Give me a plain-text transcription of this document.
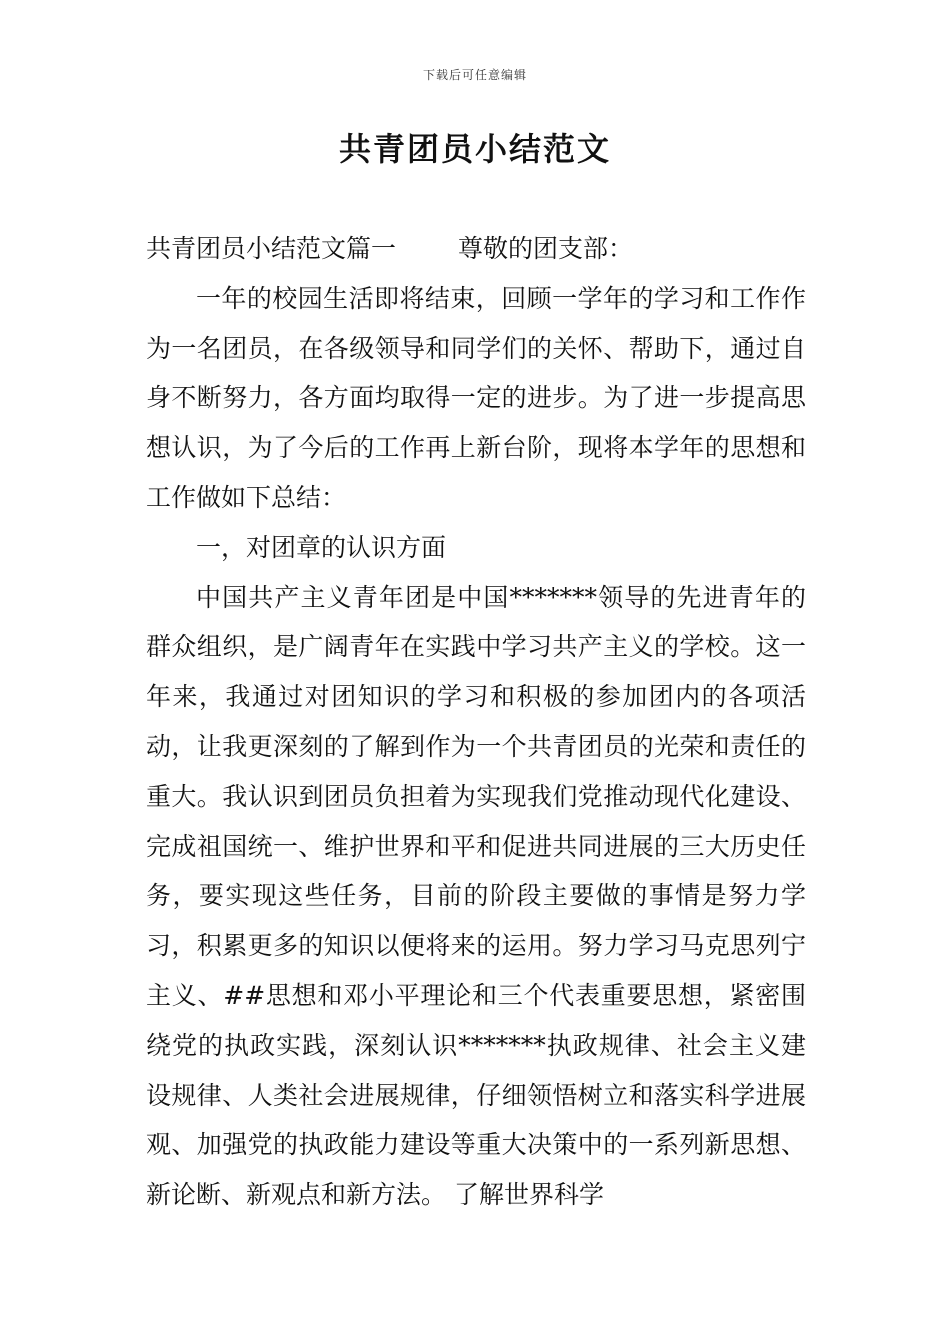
下载后可任意编辑
共青团员小结范文

共青团员小结范文篇一 尊敬的团支部：

一年的校园生活即将结束，回顾一学年的学习和工作作为一名团员，在各级领导和同学们的关怀、帮助下，通过自身不断努力，各方面均取得一定的进步。为了进一步提高思想认识，为了今后的工作再上新台阶，现将本学年的思想和工作做如下总结：

一，对团章的认识方面

中国共产主义青年团是中国*******领导的先进青年的群众组织，是广阔青年在实践中学习共产主义的学校。这一年来，我通过对团知识的学习和积极的参加团内的各项活动，让我更深刻的了解到作为一个共青团员的光荣和责任的重大。我认识到团员负担着为实现我们党推动现代化建设、完成祖国统一、维护世界和平和促进共同进展的三大历史任务，要实现这些任务，目前的阶段主要做的事情是努力学习，积累更多的知识以便将来的运用。努力学习马克思列宁主义、##思想和邓小平理论和三个代表重要思想，紧密围绕党的执政实践，深刻认识*******执政规律、社会主义建设规律、人类社会进展规律，仔细领悟树立和落实科学进展观、加强党的执政能力建设等重大决策中的一系列新思想、新论断、新观点和新方法。 了解世界科学
